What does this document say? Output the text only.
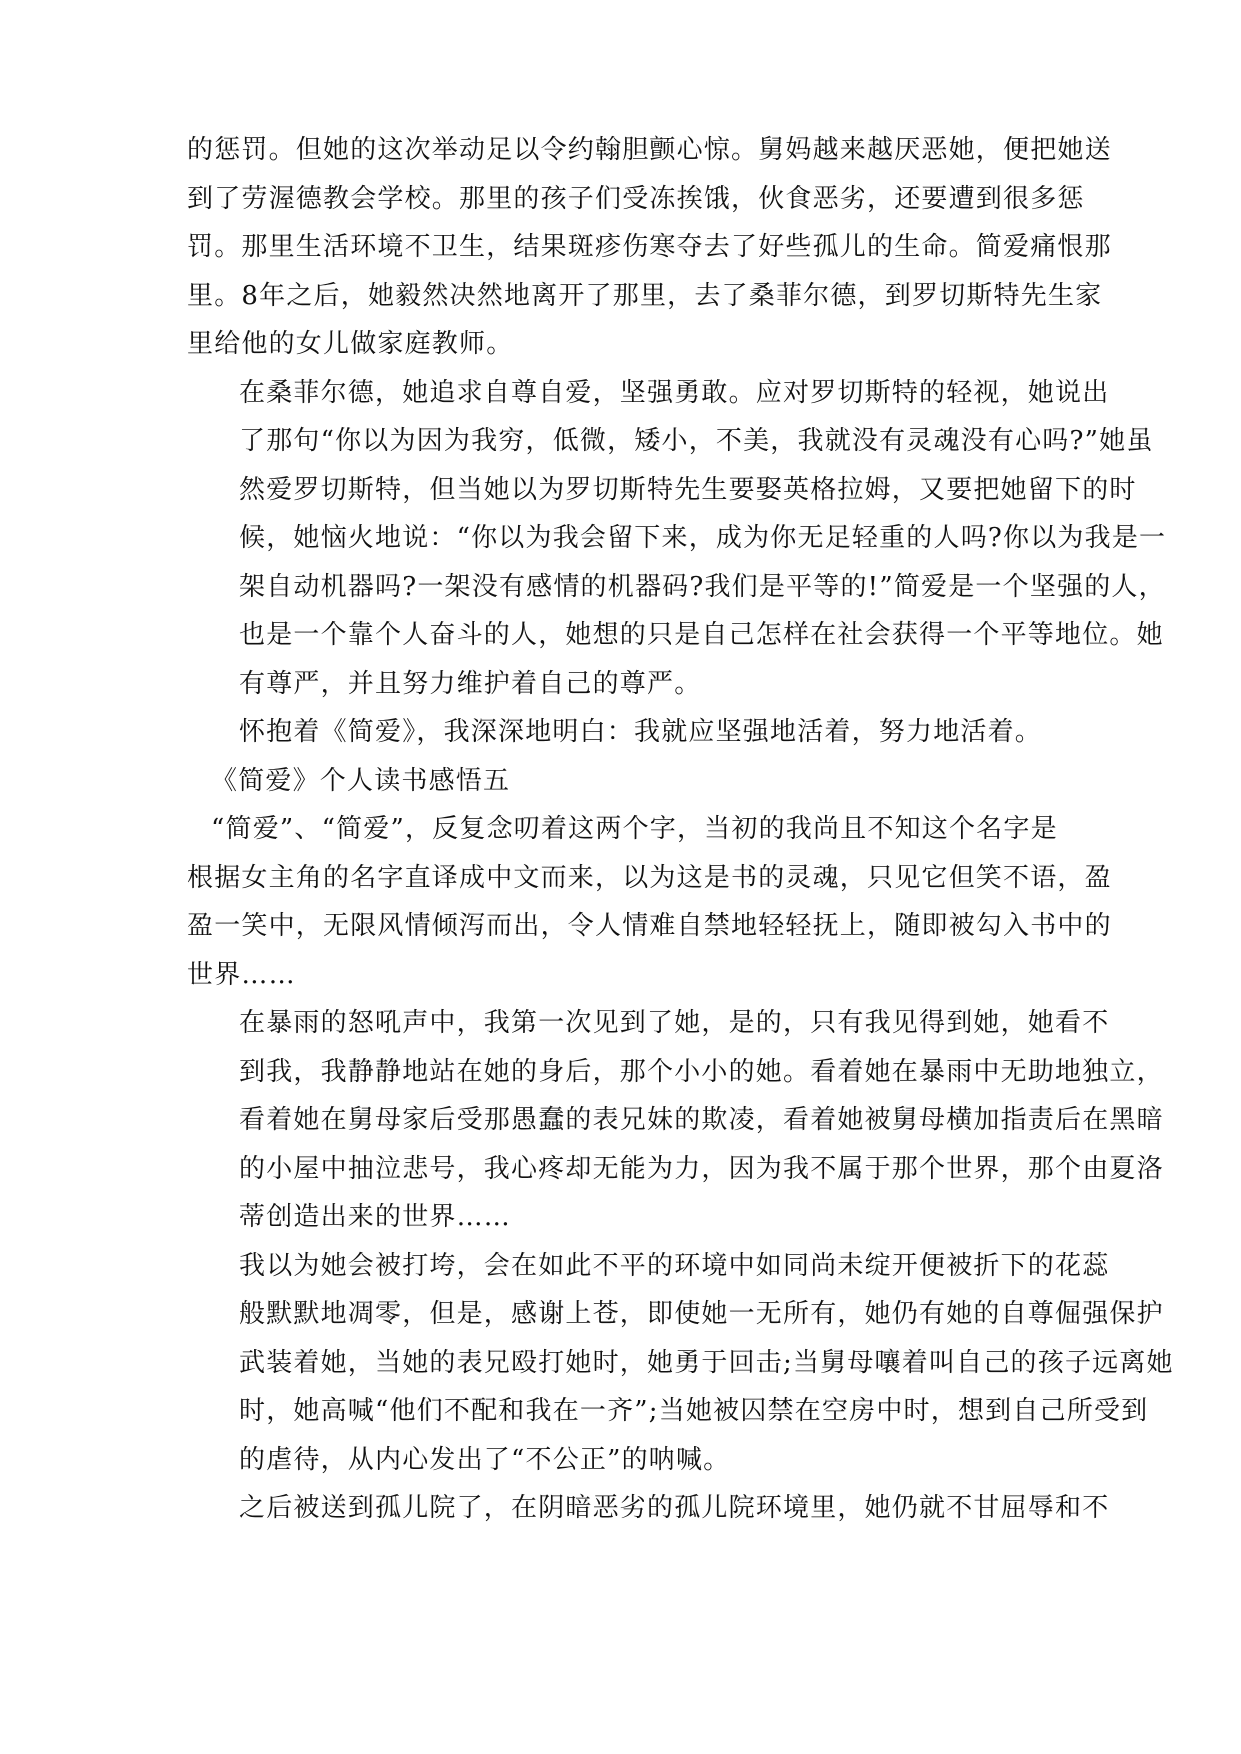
的惩罚。但她的这次举动足以令约翰胆颤心惊。舅妈越来越厌恶她，便把她送
到了劳渥德教会学校。那里的孩子们受冻挨饿，伙食恶劣，还要遭到很多惩
罚。那里生活环境不卫生，结果斑疹伤寒夺去了好些孤儿的生命。简爱痛恨那
里。8年之后，她毅然决然地离开了那里，去了桑菲尔德，到罗切斯特先生家
里给他的女儿做家庭教师。
在桑菲尔德，她追求自尊自爱，坚强勇敢。应对罗切斯特的轻视，她说出
了那句“你以为因为我穷，低微，矮小，不美，我就没有灵魂没有心吗?”她虽
然爱罗切斯特，但当她以为罗切斯特先生要娶英格拉姆，又要把她留下的时
候，她恼火地说：“你以为我会留下来，成为你无足轻重的人吗?你以为我是一
架自动机器吗?一架没有感情的机器码?我们是平等的!”简爱是一个坚强的人，
也是一个靠个人奋斗的人，她想的只是自己怎样在社会获得一个平等地位。她
有尊严，并且努力维护着自己的尊严。
怀抱着《简爱》，我深深地明白：我就应坚强地活着，努力地活着。
《简爱》个人读书感悟五
“简爱”、“简爱”，反复念叨着这两个字，当初的我尚且不知这个名字是
根据女主角的名字直译成中文而来，以为这是书的灵魂，只见它但笑不语，盈
盈一笑中，无限风情倾泻而出，令人情难自禁地轻轻抚上，随即被勾入书中的
世界……
在暴雨的怒吼声中，我第一次见到了她，是的，只有我见得到她，她看不
到我，我静静地站在她的身后，那个小小的她。看着她在暴雨中无助地独立，
看着她在舅母家后受那愚蠢的表兄妹的欺凌，看着她被舅母横加指责后在黑暗
的小屋中抽泣悲号，我心疼却无能为力，因为我不属于那个世界，那个由夏洛
蒂创造出来的世界……
我以为她会被打垮，会在如此不平的环境中如同尚未绽开便被折下的花蕊
般默默地凋零，但是，感谢上苍，即使她一无所有，她仍有她的自尊倔强保护
武装着她，当她的表兄殴打她时，她勇于回击;当舅母嚷着叫自己的孩子远离她
时，她高喊“他们不配和我在一齐”;当她被囚禁在空房中时，想到自己所受到
的虐待，从内心发出了“不公正”的呐喊。
之后被送到孤儿院了，在阴暗恶劣的孤儿院环境里，她仍就不甘屈辱和不
